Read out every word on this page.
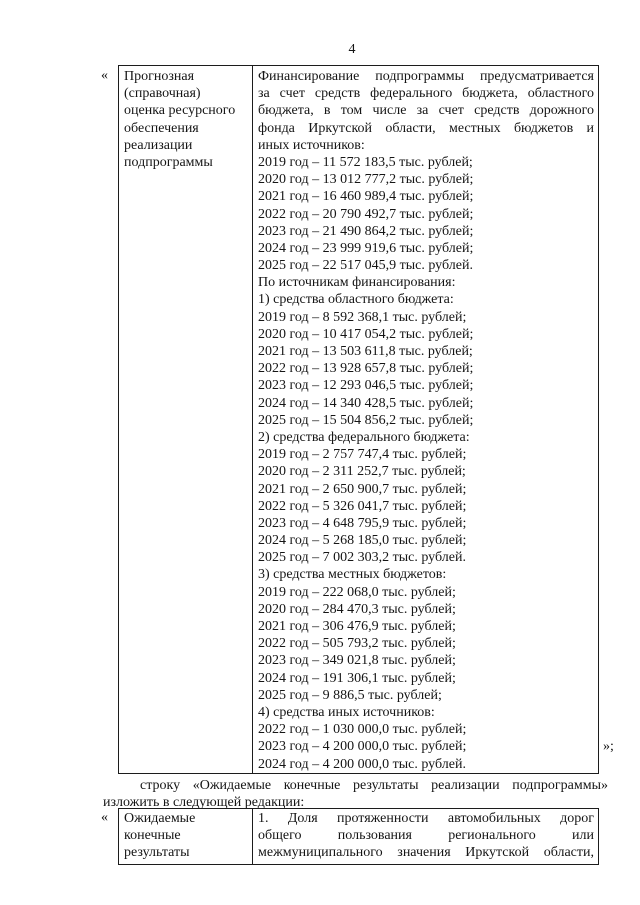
4
« Прогнозная
(справочная)
оценка ресурсного
обеспечения
реализации
подпрограммы
Финансирование подпрограммы предусматривается
за счет средств федерального бюджета, областного
бюджета, в том числе за счет средств дорожного
фонда Иркутской области, местных бюджетов и
иных источников:
2019 год – 11 572 183,5 тыс. рублей;
2020 год – 13 012 777,2 тыс. рублей;
2021 год – 16 460 989,4 тыс. рублей;
2022 год – 20 790 492,7 тыс. рублей;
2023 год – 21 490 864,2 тыс. рублей;
2024 год – 23 999 919,6 тыс. рублей;
2025 год – 22 517 045,9 тыс. рублей.
По источникам финансирования:
1) средства областного бюджета:
2019 год – 8 592 368,1 тыс. рублей;
2020 год – 10 417 054,2 тыс. рублей;
2021 год – 13 503 611,8 тыс. рублей;
2022 год – 13 928 657,8 тыс. рублей;
2023 год – 12 293 046,5 тыс. рублей;
2024 год – 14 340 428,5 тыс. рублей;
2025 год – 15 504 856,2 тыс. рублей;
2) средства федерального бюджета:
2019 год – 2 757 747,4 тыс. рублей;
2020 год – 2 311 252,7 тыс. рублей;
2021 год – 2 650 900,7 тыс. рублей;
2022 год – 5 326 041,7 тыс. рублей;
2023 год – 4 648 795,9 тыс. рублей;
2024 год – 5 268 185,0 тыс. рублей;
2025 год – 7 002 303,2 тыс. рублей.
3) средства местных бюджетов:
2019 год – 222 068,0 тыс. рублей;
2020 год – 284 470,3 тыс. рублей;
2021 год – 306 476,9 тыс. рублей;
2022 год – 505 793,2 тыс. рублей;
2023 год – 349 021,8 тыс. рублей;
2024 год – 191 306,1 тыс. рублей;
2025 год – 9 886,5 тыс. рублей;
4) средства иных источников:
2022 год – 1 030 000,0 тыс. рублей;
2023 год – 4 200 000,0 тыс. рублей;
2024 год – 4 200 000,0 тыс. рублей.
»;
строку «Ожидаемые конечные результаты реализации подпрограммы»
изложить в следующей редакции:
« Ожидаемые
конечные
результаты
1. Доля протяженности автомобильных дорог
общего пользования регионального или
межмуниципального значения Иркутской области,
